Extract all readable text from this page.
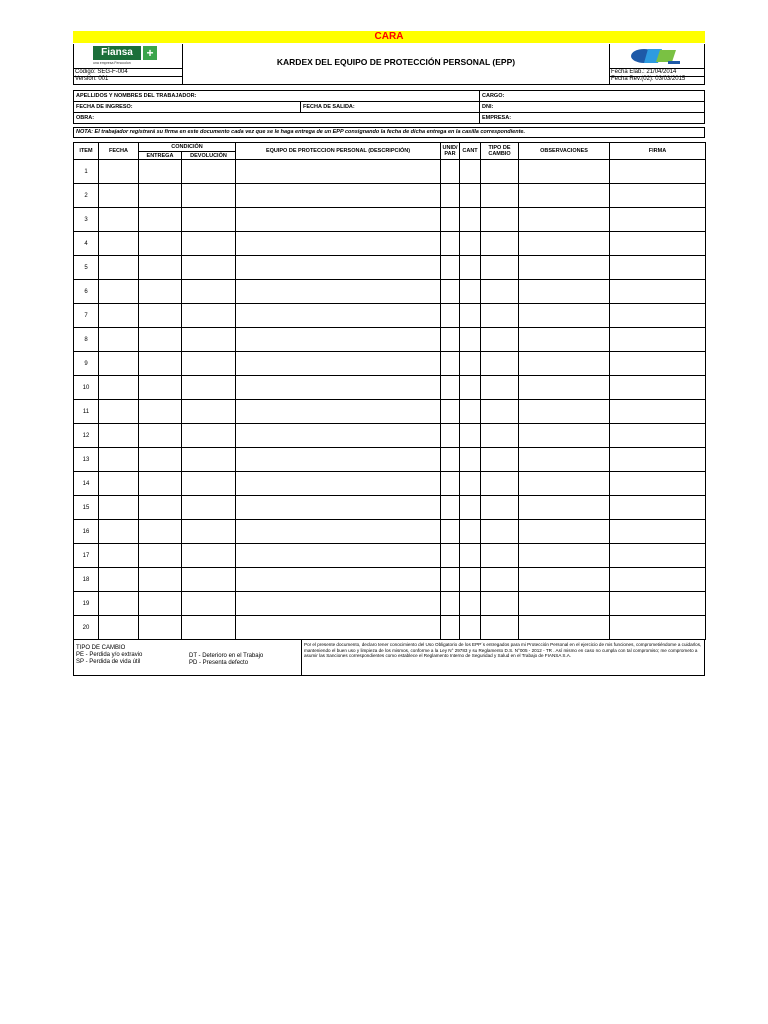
CARA
Fiansa	+
una empresa Fenocolon
Código: SEG-F-004
Versión: 001
KARDEX DEL EQUIPO DE PROTECCIÓN PERSONAL (EPP)
Fecha Elab.: 21/04/2014
Fecha Rev.(02): 03/03/2015
APELLIDOS Y NOMBRES DEL TRABAJADOR:	CARGO:
FECHA DE INGRESO:	FECHA DE SALIDA:	DNI:
OBRA:	EMPRESA:
NOTA: El trabajador registrará su firma en este documento cada vez que se le haga entrega de un EPP consignando la fecha de dicha entrega en la casilla correspondiente.
ITEM	FECHA	CONDICIÓN		EQUIPO DE PROTECCION PERSONAL (DESCRIPCIÓN)	UNID/ PAR	CANT	TIPO DE CAMBIO	OBSERVACIONES	FIRMA
		ENTREGA	DEVOLUCIÓN						
1									
2									
3									
4									
5									
6									
7									
8									
9									
10									
11									
12									
13									
14									
15									
16									
17									
18									
19									
20									
TIPO DE CAMBIO
PE - Perdida y/o extravio
SP - Perdida de vida útil
DT - Deterioro en el Trabajo
PD - Presenta defecto
Por el presente documento, declaro tener conocimiento del Uso Obligatorio de los EPP´s entregados para mi Protección Personal en el ejercicio de mis funciones, comprometiéndome a cuidarlos, manteniendo el buen uso y limpieza de los mismos, conforme a la Ley N° 29783 y su Reglamento D.S. N°005 - 2012 - TR . Así mismo en caso no cumpla con tal compromiso; me comprometo a asumir las Sanciones correspondientes como establece el Reglamento Interno de Seguridad y Salud en el Trabajo de FIANSA S.A.
